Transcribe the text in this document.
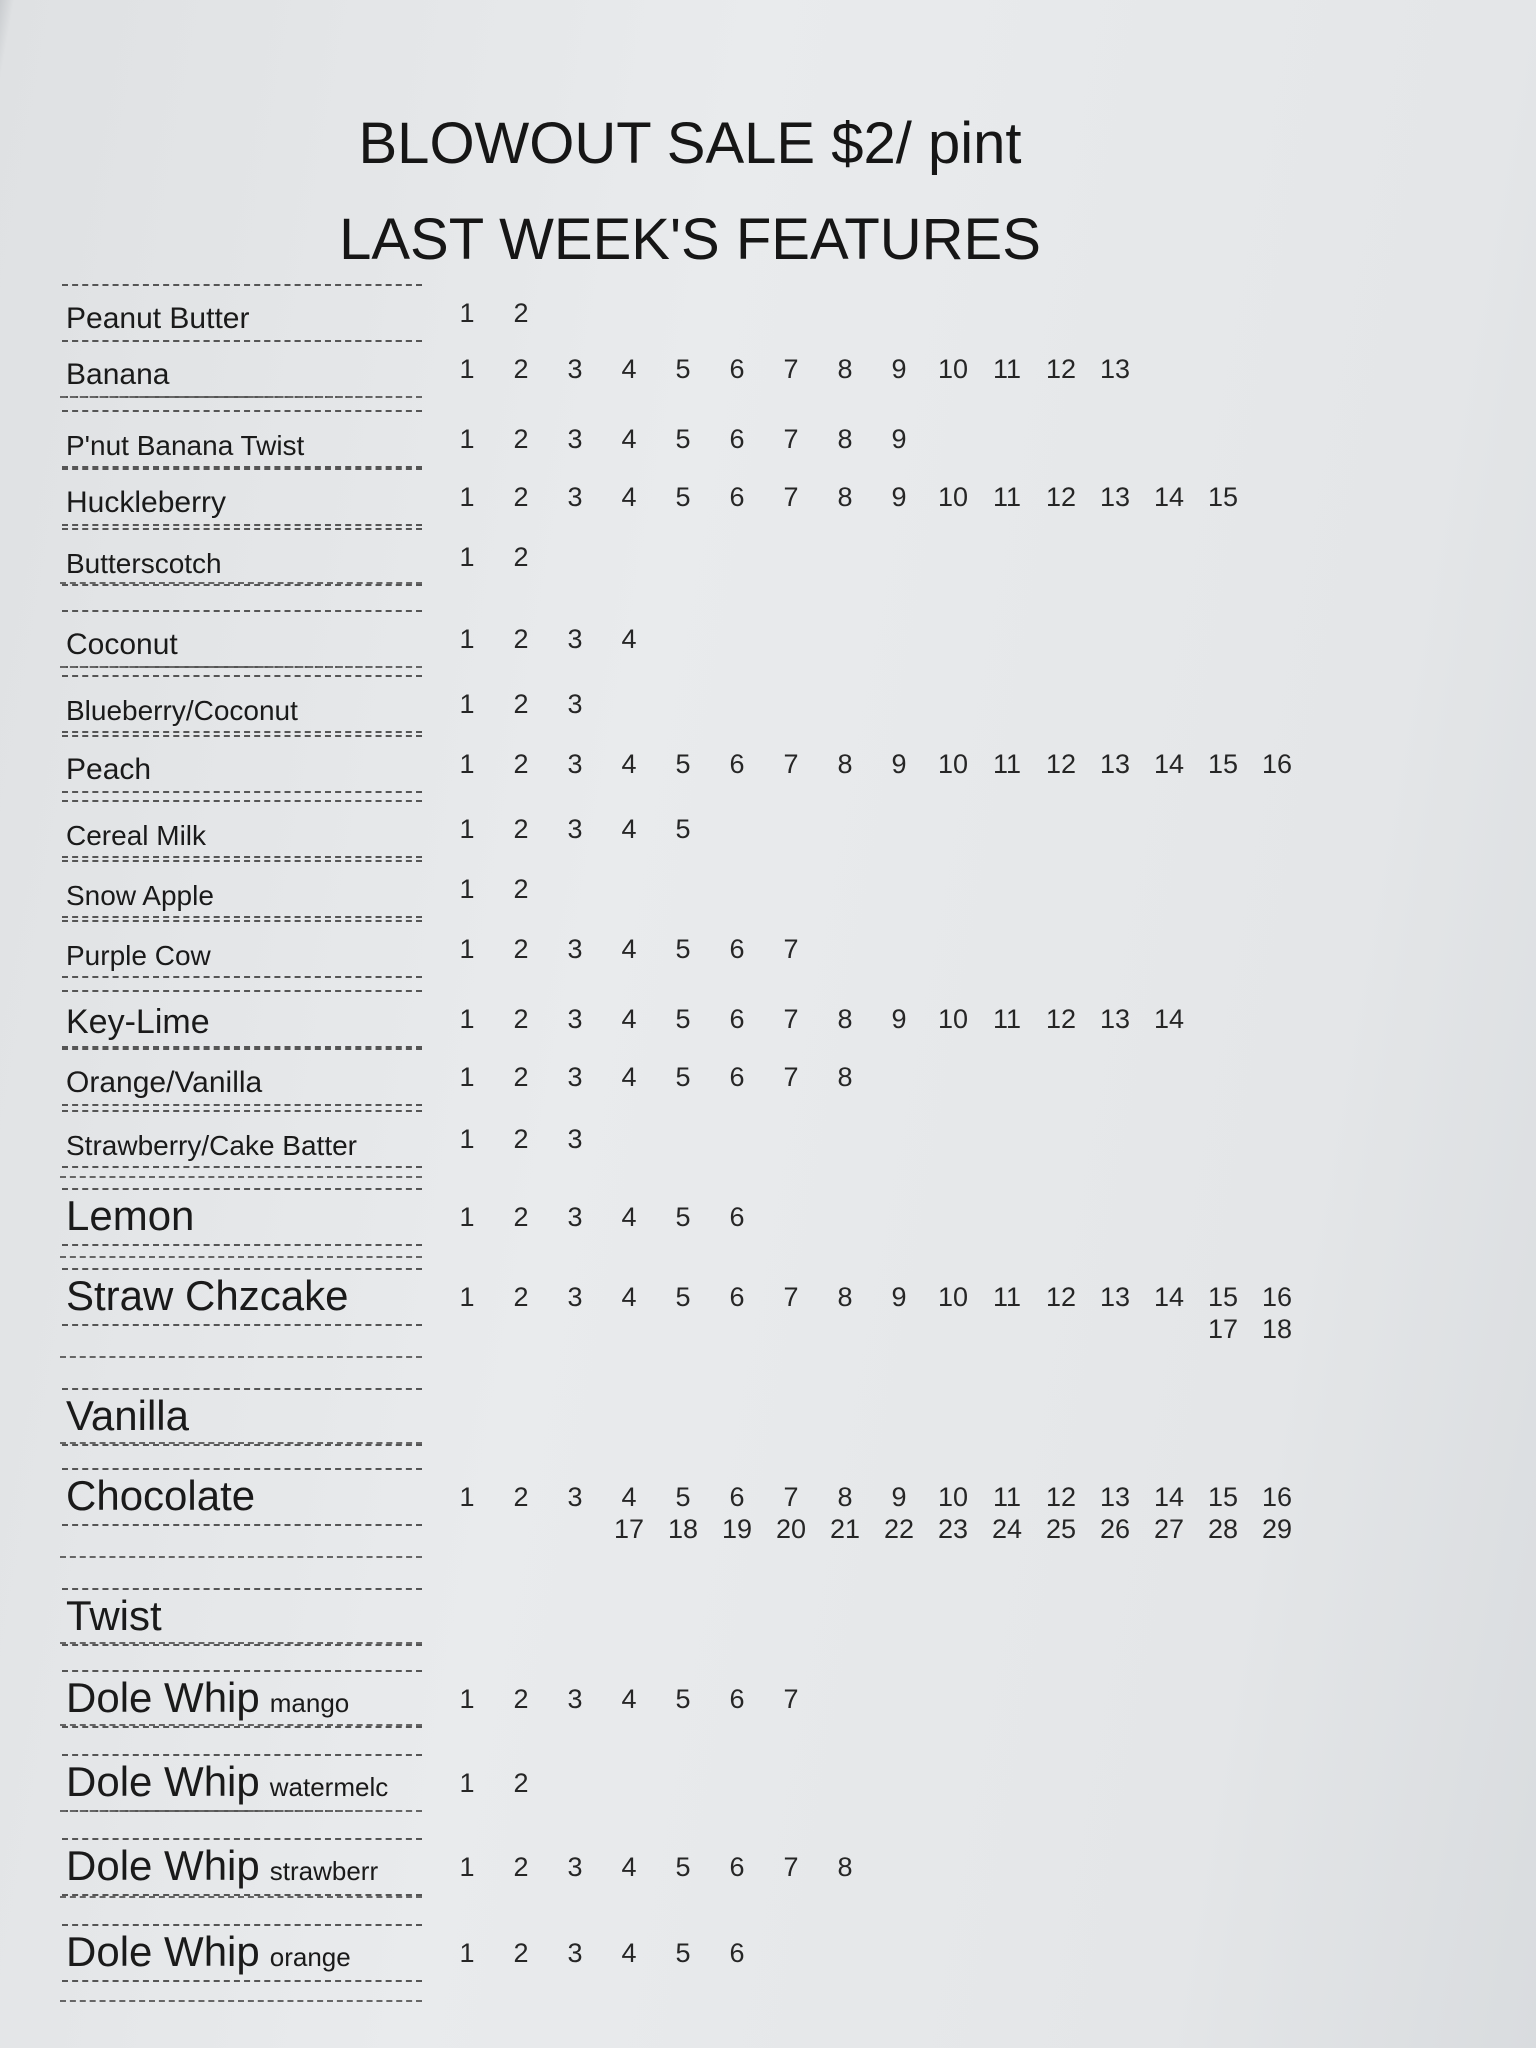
BLOWOUT SALE $2/ pint
LAST WEEK'S FEATURES
Peanut Butter	1	2
Banana	1	2	3	4	5	6	7	8	9	10 11 12 13
P'nut Banana Twist	1	2	3	4	5	6	7	8	9
Huckleberry	1	2	3	4	5	6	7	8	9	10 11 12 13 14 15
Butterscotch	1	2
Coconut	1	2	3	4
Blueberry/Coconut	1	2	3
Peach	1	2	3	4	5	6	7	8	9	10 11 12 13 14 15 16
Cereal Milk	1	2	3	4	5
Snow Apple	1	2
Purple Cow	1	2	3	4	5	6	7
Key-Lime	1	2	3	4	5	6	7	8	9	10 11 12 13 14
Orange/Vanilla	1	2	3	4	5	6	7	8
Strawberry/Cake Batter	1	2	3
Lemon	1	2	3	4	5	6
Straw Chzcake	1	2	3	4	5	6	7	8	9	10 11 12 13 14 15 16
17 18
Vanilla
Chocolate	1	2	3	4	5	6	7	8	9	10 11 12 13 14 15 16
17 18 19 20 21 22 23 24 25 26 27 28 29
Twist
Dole Whip mango	1	2	3	4	5	6	7
Dole Whip watermelc	1	2
Dole Whip strawberr	1	2	3	4	5	6	7	8
Dole Whip orange	1	2	3	4	5	6
